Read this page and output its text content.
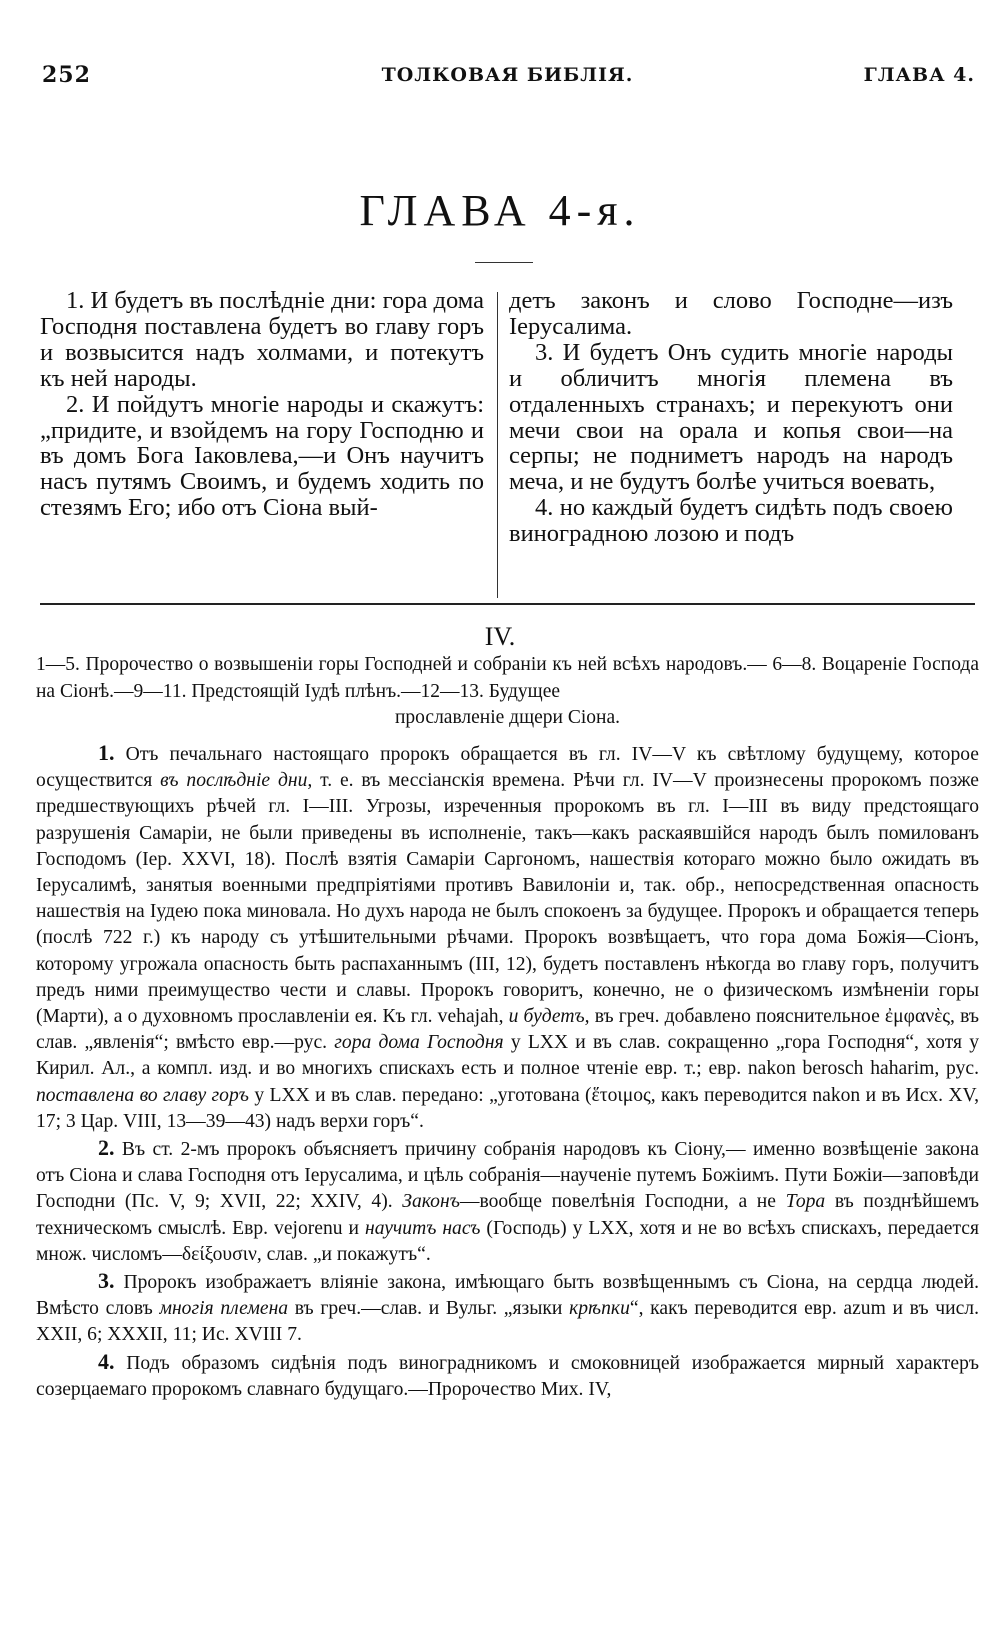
252	ТОЛКОВАЯ БИБЛІЯ.	ГЛАВА 4.
ГЛАВА 4-я.

1. И будетъ въ послѣдніе дни: гора дома Господня поставлена будетъ во главу горъ и возвысится надъ холмами, и потекутъ къ ней народы.

2. И пойдутъ многіе народы и скажутъ: „придите, и взойдемъ на гору Господню и въ домъ Бога Іаковлева,—и Онъ научитъ насъ путямъ Своимъ, и будемъ ходить по стезямъ Его; ибо отъ Сіона вый-

детъ законъ и слово Господне—изъ Іерусалима.

3. И будетъ Онъ судить многіе народы и обличитъ многія племена въ отдаленныхъ странахъ; и перекуютъ они мечи свои на орала и копья свои—на серпы; не подниметъ народъ на народъ меча, и не будутъ болѣе учиться воевать,

4. но каждый будетъ сидѣть подъ своею виноградною лозою и подъ

IV.

1—5. Пророчество о возвышеніи горы Господней и собраніи къ ней всѣхъ народовъ.— 6—8. Воцареніе Господа на Сіонѣ.—9—11. Предстоящій Іудѣ плѣнъ.—12—13. Будущее

прославленіе дщери Сіона.

1. Отъ печальнаго настоящаго пророкъ обращается въ гл. IV—V къ свѣтлому будущему, которое осуществится въ послѣдніе дни, т. е. въ мессіанскія времена. Рѣчи гл. IV—V произнесены пророкомъ позже предшествующихъ рѣчей гл. I—III. Угрозы, изреченныя пророкомъ въ гл. I—III въ виду предстоящаго разрушенія Самаріи, не были приведены въ исполненіе, такъ—какъ раскаявшійся народъ былъ помилованъ Господомъ (Іер. XXVI, 18). Послѣ взятія Самаріи Саргономъ, нашествія котораго можно было ожидать въ Іерусалимѣ, занятыя военными предпріятіями противъ Вавилоніи и, так. обр., непосредственная опасность нашествія на Іудею пока миновала. Но духъ народа не былъ спокоенъ за будущее. Пророкъ и обращается теперь (послѣ 722 г.) къ народу съ утѣшительными рѣчами. Пророкъ возвѣщаетъ, что гора дома Божія—Сіонъ, которому угрожала опасность быть распаханнымъ (III, 12), будетъ поставленъ нѣкогда во главу горъ, получитъ предъ ними преимущество чести и славы. Пророкъ говоритъ, конечно, не о физическомъ измѣненіи горы (Марти), а о духовномъ прославленіи ея. Къ гл. vehajah, и будетъ, въ греч. добавлено пояснительное ἐμφανὲς, въ слав. „явленія“; вмѣсто евр.—рус. гора дома Господня у LXX и въ слав. сокращенно „гора Господня“, хотя у Кирил. Ал., а компл. изд. и во многихъ спискахъ есть и полное чтеніе евр. т.; евр. nakon berosch haharim, рус. поставлена во главу горъ у LXX и въ слав. передано: „уготована (ἕτοιμος, какъ переводится nakon и въ Исх. XV, 17; 3 Цар. VIII, 13—39—43) надъ верхи горъ“.

2. Въ ст. 2-мъ пророкъ объясняетъ причину собранія народовъ къ Сіону,— именно возвѣщеніе закона отъ Сіона и слава Господня отъ Іерусалима, и цѣль собранія—наученіе путемъ Божіимъ. Пути Божіи—заповѣди Господни (Пс. V, 9; XVII, 22; XXIV, 4). Законъ—вообще повелѣнія Господни, а не Тора въ позднѣйшемъ техническомъ смыслѣ. Евр. vejorenu и научитъ насъ (Господь) у LXX, хотя и не во всѣхъ спискахъ, передается множ. числомъ—δείξουσιν, слав. „и покажутъ“.

3. Пророкъ изображаетъ вліяніе закона, имѣющаго быть возвѣщеннымъ съ Сіона, на сердца людей. Вмѣсто словъ многія племена въ греч.—слав. и Вульг. „языки крѣпки“, какъ переводится евр. azum и въ числ. XXII, 6; XXXII, 11; Ис. XVIII 7.

4. Подъ образомъ сидѣнія подъ виноградникомъ и смоковницей изображается мирный характеръ созерцаемаго пророкомъ славнаго будущаго.—Пророчество Мих. IV,
